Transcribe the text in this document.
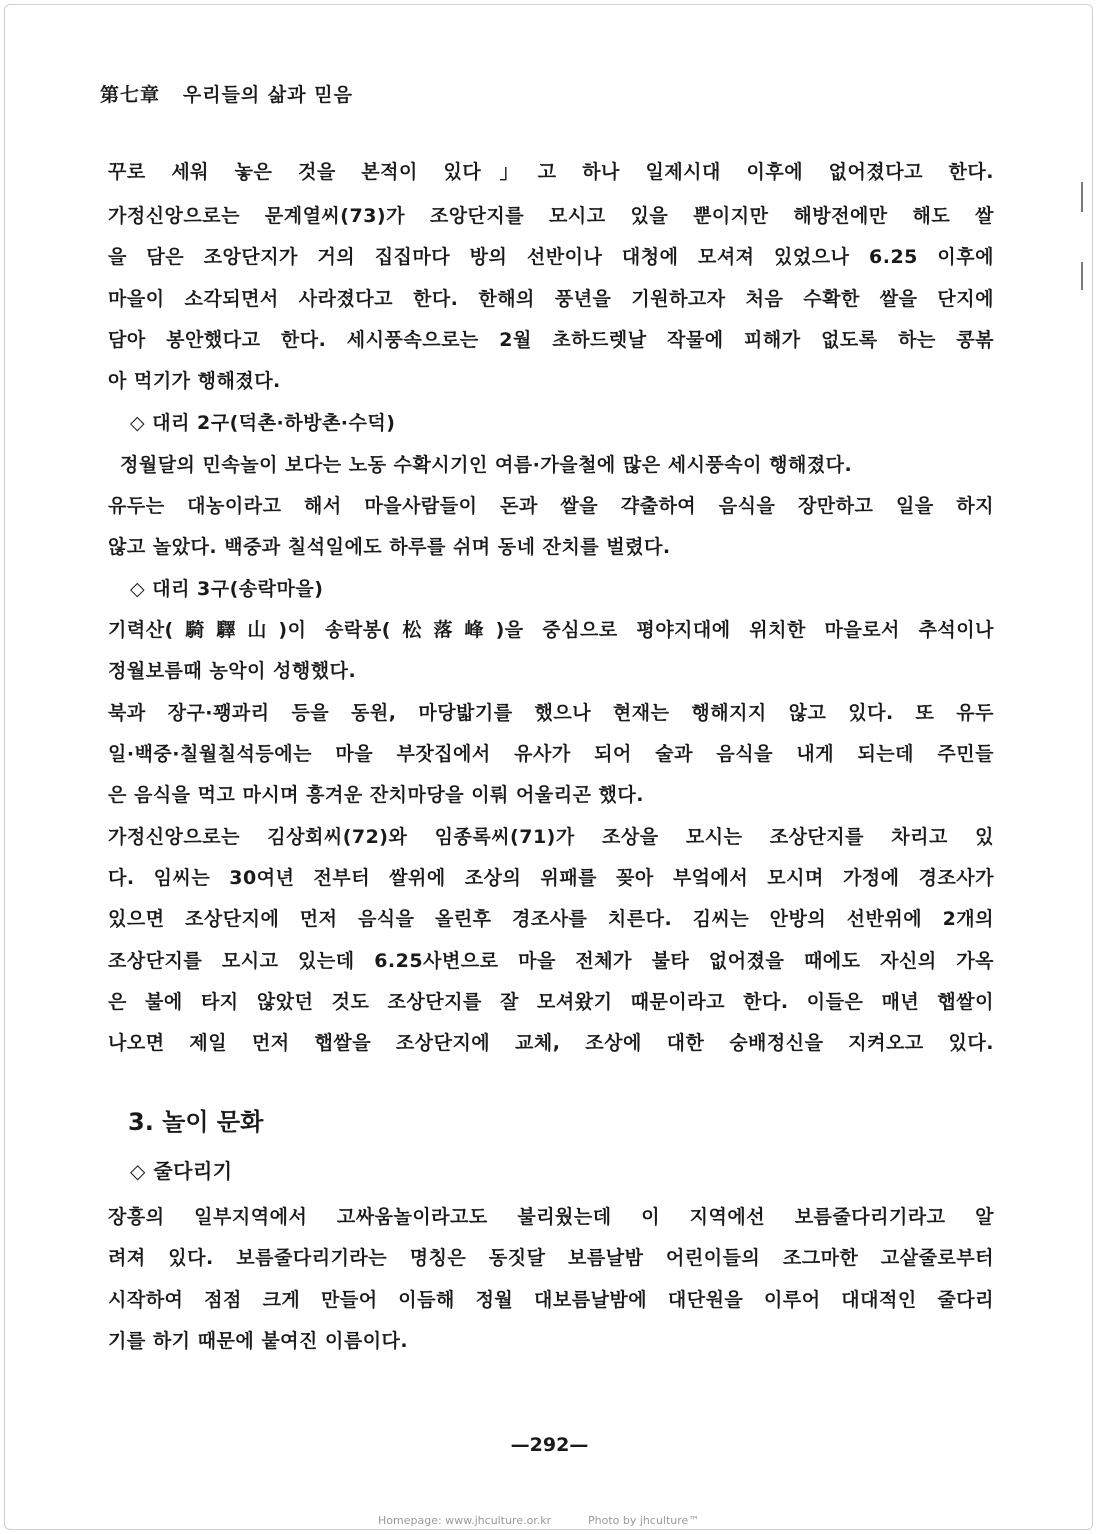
第七章 우리들의 삶과 믿음
꾸로 세워 놓은 것을 본적이 있다」고 하나 일제시대 이후에 없어졌다고 한다.
가정신앙으로는 문계열씨(73)가 조앙단지를 모시고 있을 뿐이지만 해방전에만 해도 쌀
을 담은 조앙단지가 거의 집집마다 방의 선반이나 대청에 모셔져 있었으나 6.25 이후에
마을이 소각되면서 사라졌다고 한다. 한해의 풍년을 기원하고자 처음 수확한 쌀을 단지에
담아 봉안했다고 한다. 세시풍속으로는 2월 초하드렛날 작물에 피해가 없도록 하는 콩볶
아 먹기가 행해졌다.
◇ 대리 2구(덕촌·하방촌·수덕)
정월달의 민속놀이 보다는 노동 수확시기인 여름·가을철에 많은 세시풍속이 행해졌다.
유두는 대농이라고 해서 마을사람들이 돈과 쌀을 갹출하여 음식을 장만하고 일을 하지
않고 놀았다. 백중과 칠석일에도 하루를 쉬며 동네 잔치를 벌렸다.
◇ 대리 3구(송락마을)
기력산(騎驛山)이 송락봉(松落峰)을 중심으로 평야지대에 위치한 마을로서 추석이나
정월보름때 농악이 성행했다.
북과 장구·꽹과리 등을 동원, 마당밟기를 했으나 현재는 행해지지 않고 있다. 또 유두
일·백중·칠월칠석등에는 마을 부잣집에서 유사가 되어 술과 음식을 내게 되는데 주민들
은 음식을 먹고 마시며 흥겨운 잔치마당을 이뤄 어울리곤 했다.
가정신앙으로는 김상회씨(72)와 임종록씨(71)가 조상을 모시는 조상단지를 차리고 있
다. 임씨는 30여년 전부터 쌀위에 조상의 위패를 꽂아 부엌에서 모시며 가정에 경조사가
있으면 조상단지에 먼저 음식을 올린후 경조사를 치른다. 김씨는 안방의 선반위에 2개의
조상단지를 모시고 있는데 6.25사변으로 마을 전체가 불타 없어졌을 때에도 자신의 가옥
은 불에 타지 않았던 것도 조상단지를 잘 모셔왔기 때문이라고 한다. 이들은 매년 햅쌀이
나오면 제일 먼저 햅쌀을 조상단지에 교체, 조상에 대한 숭배정신을 지켜오고 있다.
3. 놀이 문화
◇ 줄다리기
장흥의 일부지역에서 고싸움놀이라고도 불리웠는데 이 지역에선 보름줄다리기라고 알
려져 있다. 보름줄다리기라는 명칭은 동짓달 보름날밤 어린이들의 조그마한 고샅줄로부터
시작하여 점점 크게 만들어 이듬해 정월 대보름날밤에 대단원을 이루어 대대적인 줄다리
기를 하기 때문에 붙여진 이름이다.
—292—
Homepage: www.jhculture.or.kr	Photo by jhculture™
